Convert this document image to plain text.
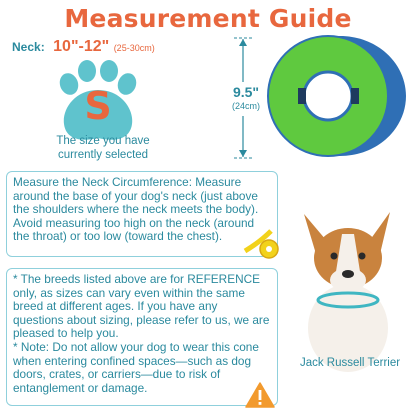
Measurement Guide
Neck: 10"-12" (25-30cm)
S
The size you have currently selected
9.5"
(24cm)

Measure the Neck Circumference: Measure around the base of your dog's neck (just above the shoulders where the neck meets the body). Avoid measuring too high on the neck (around the throat) or too low (toward the chest).

* The breeds listed above are for REFERENCE only, as sizes can vary even within the same breed at different ages. If you have any questions about sizing, please refer to us, we are pleased to help you.

* Note: Do not allow your dog to wear this cone when entering confined spaces—such as dog doors, crates, or carriers—due to risk of entanglement or damage.

Jack Russell Terrier
